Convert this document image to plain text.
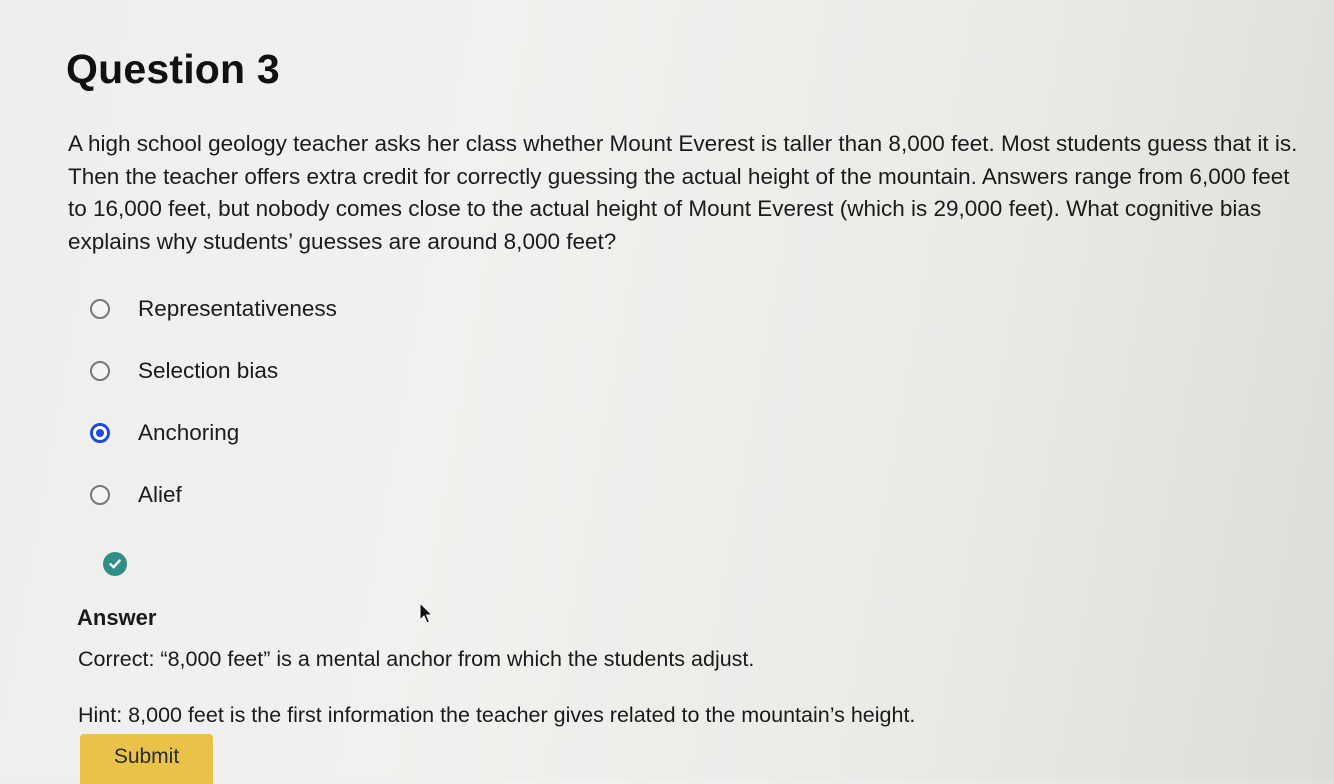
Question 3

A high school geology teacher asks her class whether Mount Everest is taller than 8,000 feet. Most students guess that it is. Then the teacher offers extra credit for correctly guessing the actual height of the mountain. Answers range from 6,000 feet to 16,000 feet, but nobody comes close to the actual height of Mount Everest (which is 29,000 feet). What cognitive bias explains why students’ guesses are around 8,000 feet?

Representativeness
Selection bias
Anchoring
Alief
Answer
Correct: “8,000 feet” is a mental anchor from which the students adjust.
Hint: 8,000 feet is the first information the teacher gives related to the mountain’s height.
Submit
